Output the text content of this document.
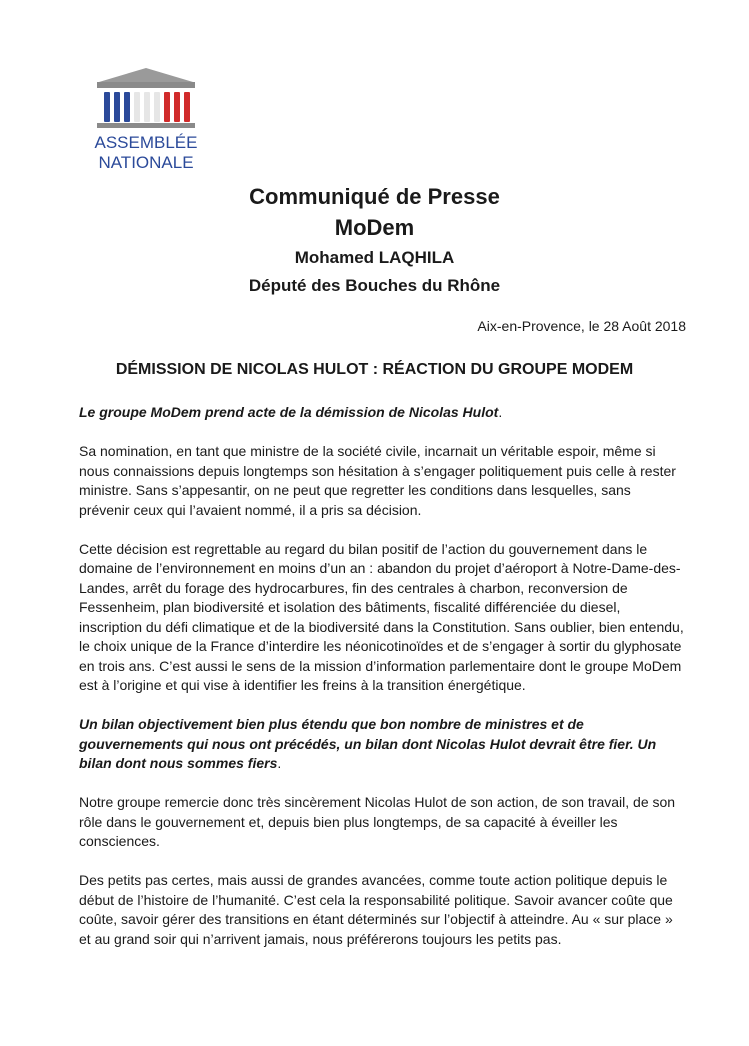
ASSEMBLÉE
NATIONALE
Communiqué de Presse
MoDem
Mohamed LAQHILA
Député des Bouches du Rhône
Aix-en-Provence, le 28 Août 2018
DÉMISSION DE NICOLAS HULOT : RÉACTION DU GROUPE MODEM

Le groupe MoDem prend acte de la démission de Nicolas Hulot.

Sa nomination, en tant que ministre de la société civile, incarnait un véritable espoir, même si nous connaissions depuis longtemps son hésitation à s’engager politiquement puis celle à rester ministre. Sans s’appesantir, on ne peut que regretter les conditions dans lesquelles, sans prévenir ceux qui l’avaient nommé, il a pris sa décision.

Cette décision est regrettable au regard du bilan positif de l’action du gouvernement dans le domaine de l’environnement en moins d’un an : abandon du projet d’aéroport à Notre-Dame-des-Landes, arrêt du forage des hydrocarbures, fin des centrales à charbon, reconversion de Fessenheim, plan biodiversité et isolation des bâtiments, fiscalité différenciée du diesel, inscription du défi climatique et de la biodiversité dans la Constitution. Sans oublier, bien entendu, le choix unique de la France d’interdire les néonicotinoïdes et de s’engager à sortir du glyphosate en trois ans. C’est aussi le sens de la mission d’information parlementaire dont le groupe MoDem est à l’origine et qui vise à identifier les freins à la transition énergétique.

Un bilan objectivement bien plus étendu que bon nombre de ministres et de gouvernements qui nous ont précédés, un bilan dont Nicolas Hulot devrait être fier. Un bilan dont nous sommes fiers.

Notre groupe remercie donc très sincèrement Nicolas Hulot de son action, de son travail, de son rôle dans le gouvernement et, depuis bien plus longtemps, de sa capacité à éveiller les consciences.

Des petits pas certes, mais aussi de grandes avancées, comme toute action politique depuis le début de l’histoire de l’humanité. C’est cela la responsabilité politique. Savoir avancer coûte que coûte, savoir gérer des transitions en étant déterminés sur l’objectif à atteindre. Au « sur place » et au grand soir qui n’arrivent jamais, nous préférerons toujours les petits pas.
